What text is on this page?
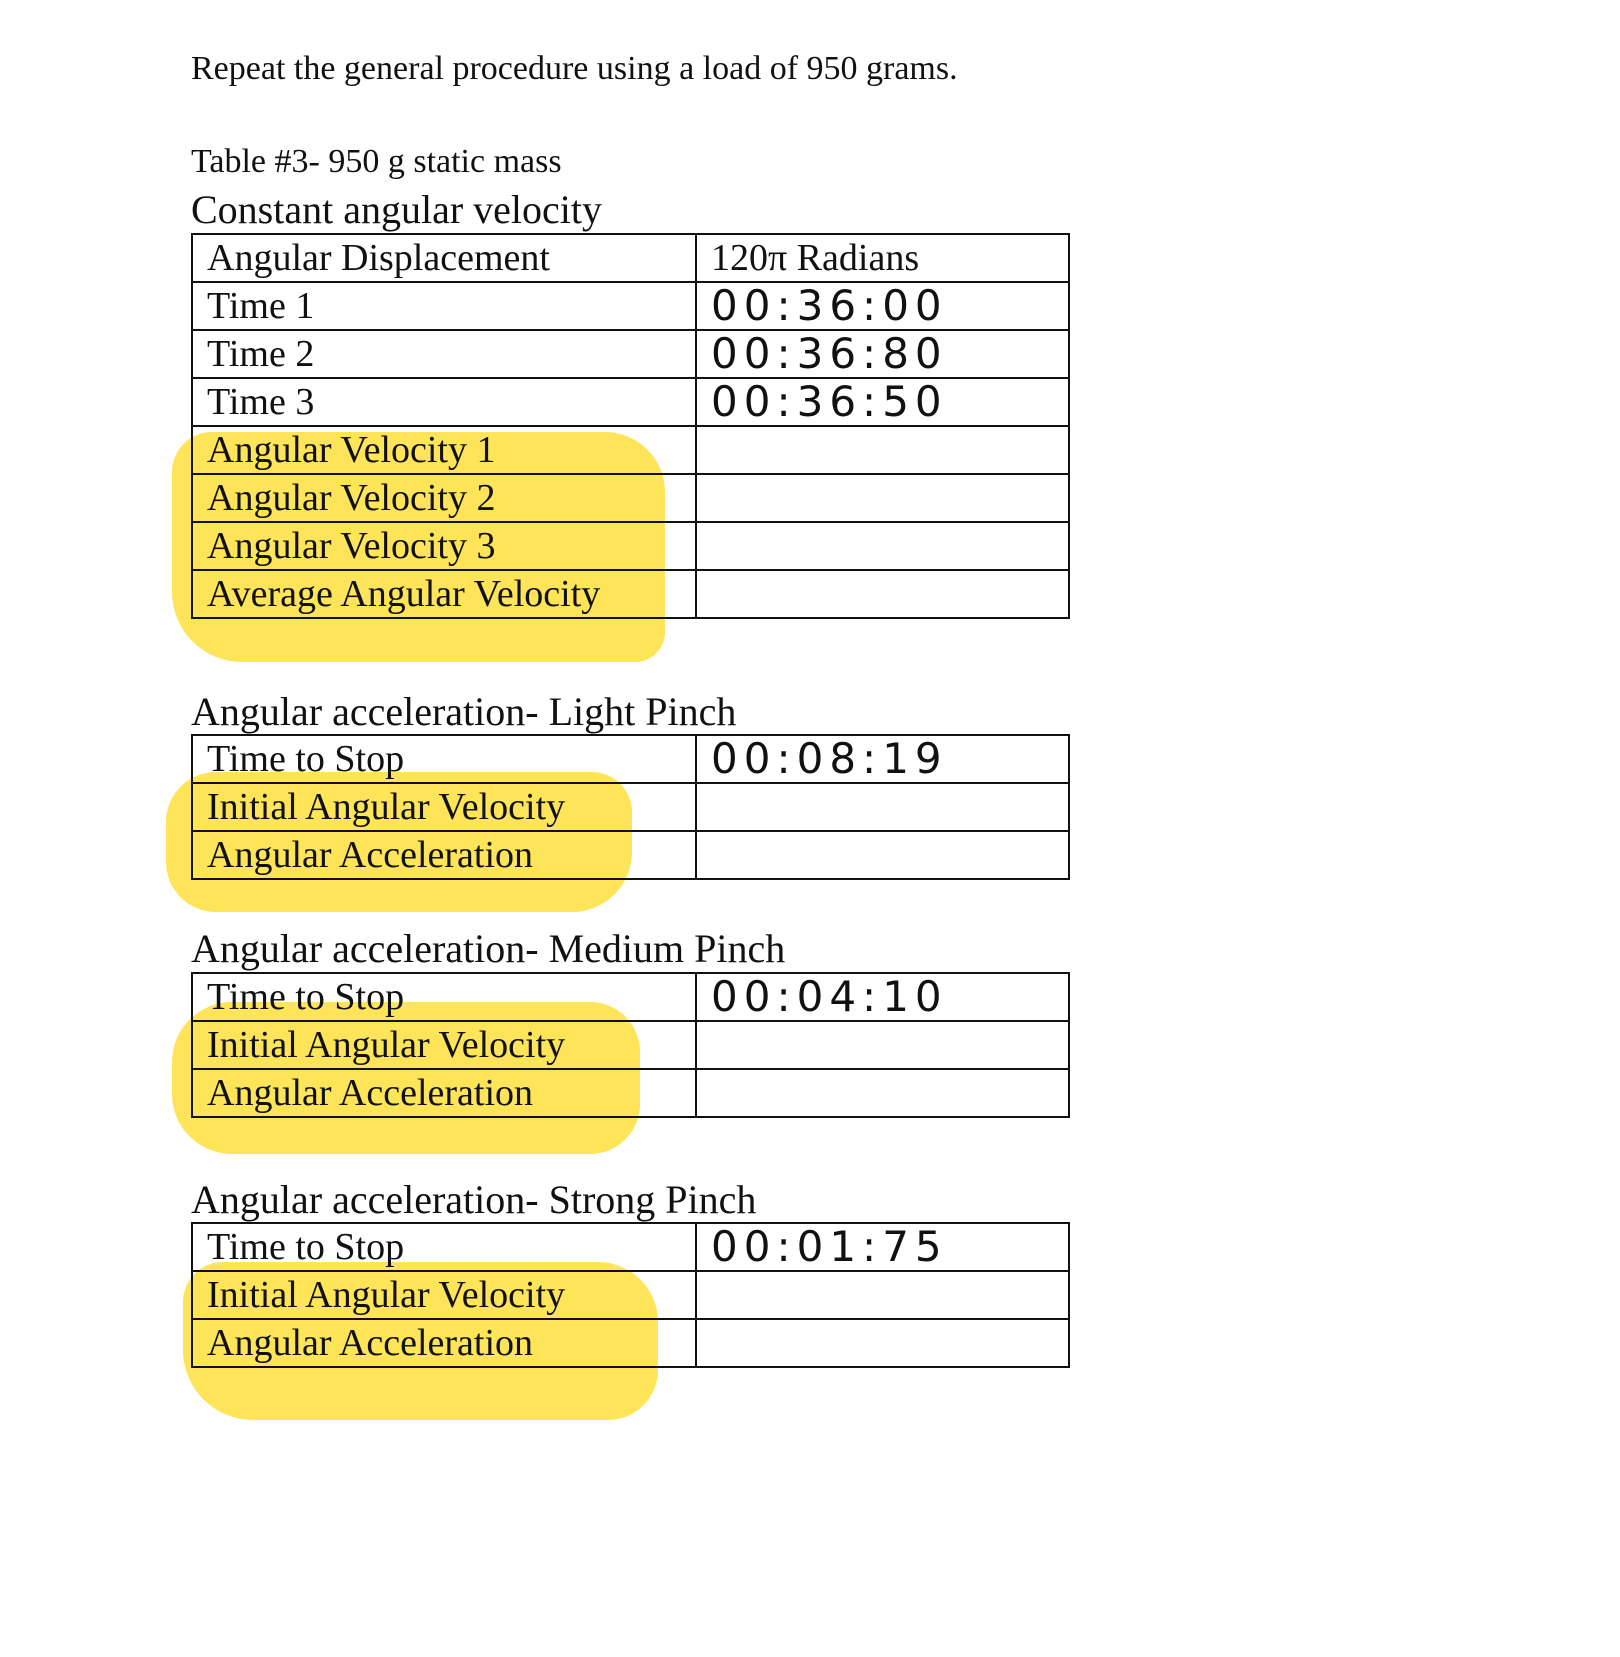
Repeat the general procedure using a load of 950 grams.
Table #3- 950 g static mass
Constant angular velocity
Angular Displacement	120π Radians
Time 1	00:36:00
Time 2	00:36:80
Time 3	00:36:50
Angular Velocity 1	
Angular Velocity 2	
Angular Velocity 3	
Average Angular Velocity	
Angular acceleration- Light Pinch
Time to Stop	00:08:19
Initial Angular Velocity	
Angular Acceleration	
Angular acceleration- Medium Pinch
Time to Stop	00:04:10
Initial Angular Velocity	
Angular Acceleration	
Angular acceleration- Strong Pinch
Time to Stop	00:01:75
Initial Angular Velocity	
Angular Acceleration	
